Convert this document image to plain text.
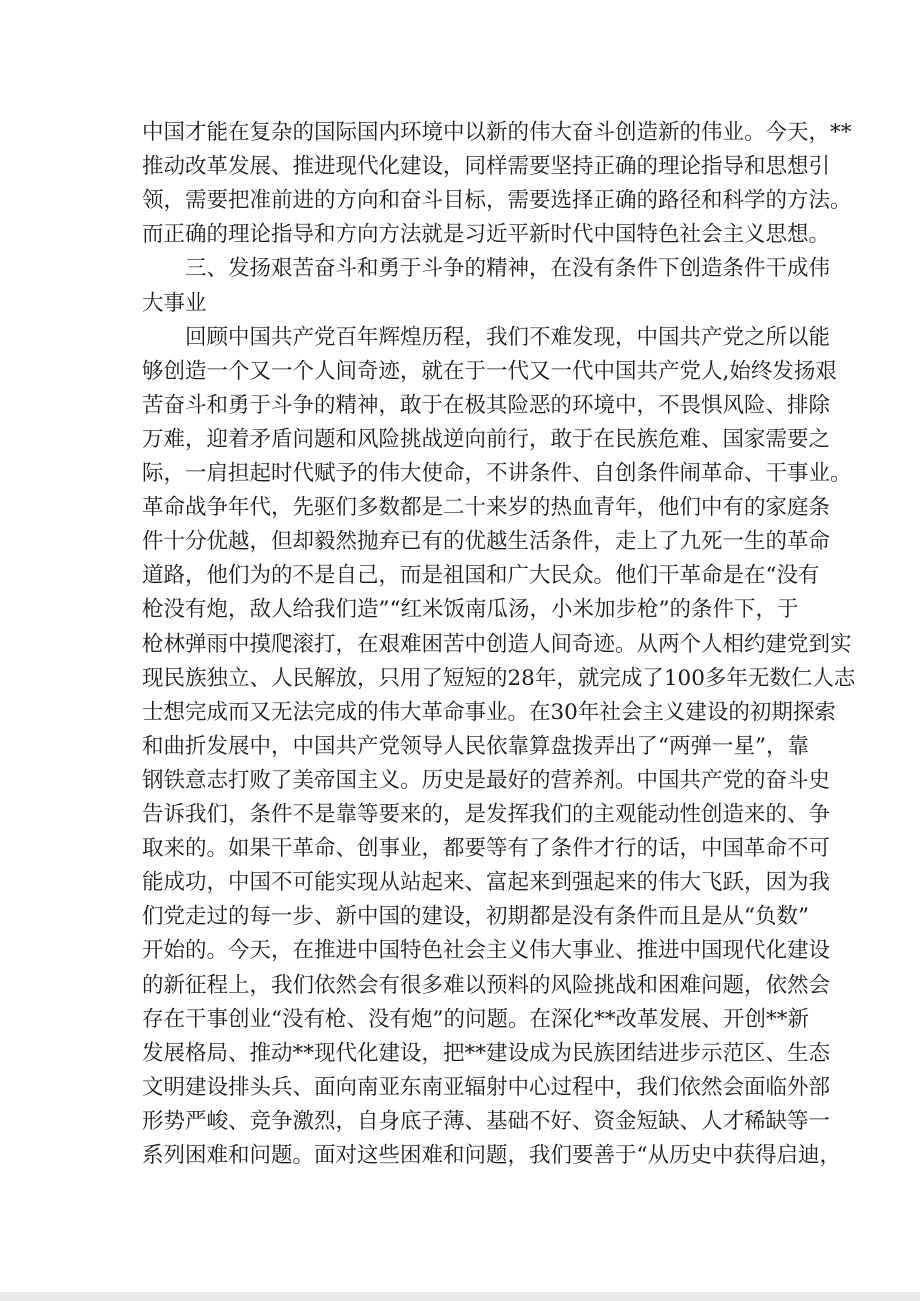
中国才能在复杂的国际国内环境中以新的伟大奋斗创造新的伟业。今天，**
推动改革发展、推进现代化建设，同样需要坚持正确的理论指导和思想引
领，需要把准前进的方向和奋斗目标，需要选择正确的路径和科学的方法。
而正确的理论指导和方向方法就是习近平新时代中国特色社会主义思想。
三、发扬艰苦奋斗和勇于斗争的精神，在没有条件下创造条件干成伟
大事业
回顾中国共产党百年辉煌历程，我们不难发现，中国共产党之所以能
够创造一个又一个人间奇迹，就在于一代又一代中国共产党人,始终发扬艰
苦奋斗和勇于斗争的精神，敢于在极其险恶的环境中，不畏惧风险、排除
万难，迎着矛盾问题和风险挑战逆向前行，敢于在民族危难、国家需要之
际，一肩担起时代赋予的伟大使命，不讲条件、自创条件闹革命、干事业。
革命战争年代，先驱们多数都是二十来岁的热血青年，他们中有的家庭条
件十分优越，但却毅然抛弃已有的优越生活条件，走上了九死一生的革命
道路，他们为的不是自己，而是祖国和广大民众。他们干革命是在“没有
枪没有炮，敌人给我们造”“红米饭南瓜汤，小米加步枪”的条件下，于
枪林弹雨中摸爬滚打，在艰难困苦中创造人间奇迹。从两个人相约建党到实
现民族独立、人民解放，只用了短短的28年，就完成了100多年无数仁人志
士想完成而又无法完成的伟大革命事业。在30年社会主义建设的初期探索
和曲折发展中，中国共产党领导人民依靠算盘拨弄出了“两弹一星”，靠
钢铁意志打败了美帝国主义。历史是最好的营养剂。中国共产党的奋斗史
告诉我们，条件不是靠等要来的，是发挥我们的主观能动性创造来的、争
取来的。如果干革命、创事业，都要等有了条件才行的话，中国革命不可
能成功，中国不可能实现从站起来、富起来到强起来的伟大飞跃，因为我
们党走过的每一步、新中国的建设，初期都是没有条件而且是从“负数”
开始的。今天，在推进中国特色社会主义伟大事业、推进中国现代化建设
的新征程上，我们依然会有很多难以预料的风险挑战和困难问题，依然会
存在干事创业“没有枪、没有炮”的问题。在深化**改革发展、开创**新
发展格局、推动**现代化建设，把**建设成为民族团结进步示范区、生态
文明建设排头兵、面向南亚东南亚辐射中心过程中，我们依然会面临外部
形势严峻、竞争激烈，自身底子薄、基础不好、资金短缺、人才稀缺等一
系列困难和问题。面对这些困难和问题，我们要善于“从历史中获得启迪，
